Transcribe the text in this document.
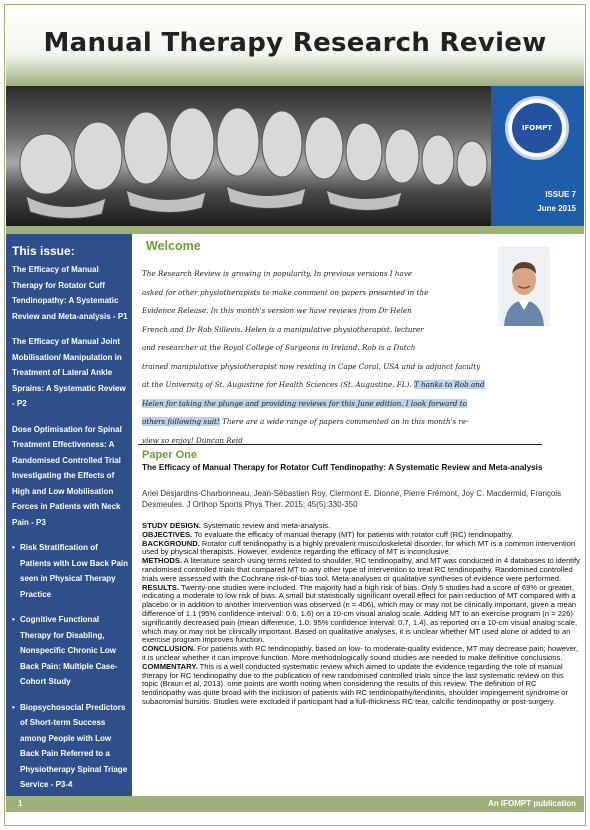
Manual Therapy Research Review
IFOMPT
ISSUE 7
June 2015
This issue:
The Efficacy of Manual Therapy for Rotator Cuff Tendinopathy: A Systematic Review and Meta-analysis - P1
The Efficacy of Manual Joint Mobilisation/ Manipulation in Treatment of Lateral Ankle Sprains: A Systematic Review - P2
Dose Optimisation for Spinal Treatment Effectiveness: A Randomised Controlled Trial Investigating the Effects of High and Low Mobilisation Forces in Patients with Neck Pain - P3
• Risk Stratification of Patients with Low Back Pain seen in Physical Therapy Practice
• Cognitive Functional Therapy for Disabling, Nonspecific Chronic Low Back Pain: Multiple Case-Cohort Study
• Biopsychosocial Predictors of Short-term Success among People with Low Back Pain Referred to a Physiotherapy Spinal Triage Service - P3-4
Welcome
The Research Review is growing in popularity. In previous versions I have
asked for other physiotherapists to make comment on papers presented in the
Evidence Release. In this month's version we have reviews from Dr Helen
French and Dr Rob Sillevis. Helen is a manipulative physiotherapist, lecturer
and researcher at the Royal College of Surgeons in Ireland. Rob is a Dutch
trained manipulative physiotherapist now residing in Cape Coral, USA and is adjunct faculty
at the University of St. Augustine for Health Sciences (St. Augustine, FL). T hanks to Rob and
Helen for taking the plunge and providing reviews for this June edition. I look forward to
others following suit! There are a wide range of papers commented on in this month's re-
view so enjoy! Duncan Reid
Paper One
The Efficacy of Manual Therapy for Rotator Cuff Tendinopathy: A Systematic Review and Meta-analysis
Ariel Desjardins-Charbonneau, Jean-Sébastien Roy, Clermont E. Dionne, Pierre Frémont, Joy C. Macdermid, François Desmeules. J Orthop Sports Phys Ther. 2015; 45(5):330-350

STUDY DESIGN. Systematic review and meta-analysis.

OBJECTIVES. To evaluate the efficacy of manual therapy (MT) for patients with rotator cuff (RC) tendinopathy.

BACKGROUND. Rotator cuff tendinopathy is a highly prevalent musculoskeletal disorder, for which MT is a common intervention used by physical therapists. However, evidence regarding the efficacy of MT is inconclusive.

METHODS. A literature search using terms related to shoulder, RC tendinopathy, and MT was conducted in 4 databases to identify randomised controlled trials that compared MT to any other type of intervention to treat RC tendinopathy. Randomised controlled trials were assessed with the Cochrane risk-of-bias tool. Meta-analyses or qualitative syntheses of evidence were performed.

RESULTS. Twenty-one studies were included. The majority had a high risk of bias. Only 5 studies had a score of 69% or greater, indicating a moderate to low risk of bias. A small but statistically significant overall effect for pain reduction of MT compared with a placebo or in addition to another intervention was observed (n = 406), which may or may not be clinically important, given a mean difference of 1.1 (95% confidence interval: 0.6, 1.6) on a 10-cm visual analog scale. Adding MT to an exercise program (n = 226) significantly decreased pain (mean difference, 1.0; 95% confidence interval: 0.7, 1.4), as reported on a 10-cm visual analog scale, which may or may not be clinically important. Based on qualitative analyses, it is unclear whether MT used alone or added to an exercise program improves function.

CONCLUSION. For patients with RC tendinopathy, based on low- to moderate-quality evidence, MT may decrease pain; however, it is unclear whether it can improve function. More methodologically sound studies are needed to make definitive conclusions.

COMMENTARY. This is a well conducted systematic review which aimed to update the evidence regarding the role of manual therapy for RC tendinopathy due to the publication of new randomised controlled trials since the last systematic review on this topic (Braun et al, 2013). ome points are worth noting when considering the results of this review. The definition of RC tendinopathy was quite broad with the inclusion of patients with RC tendinopathy/tendinitis, shoulder impingement syndrome or subacromial bursitis. Studies were excluded if participant had a full-thickness RC tear, calcific tendinopathy or post-surgery.

1	An IFOMPT publication
